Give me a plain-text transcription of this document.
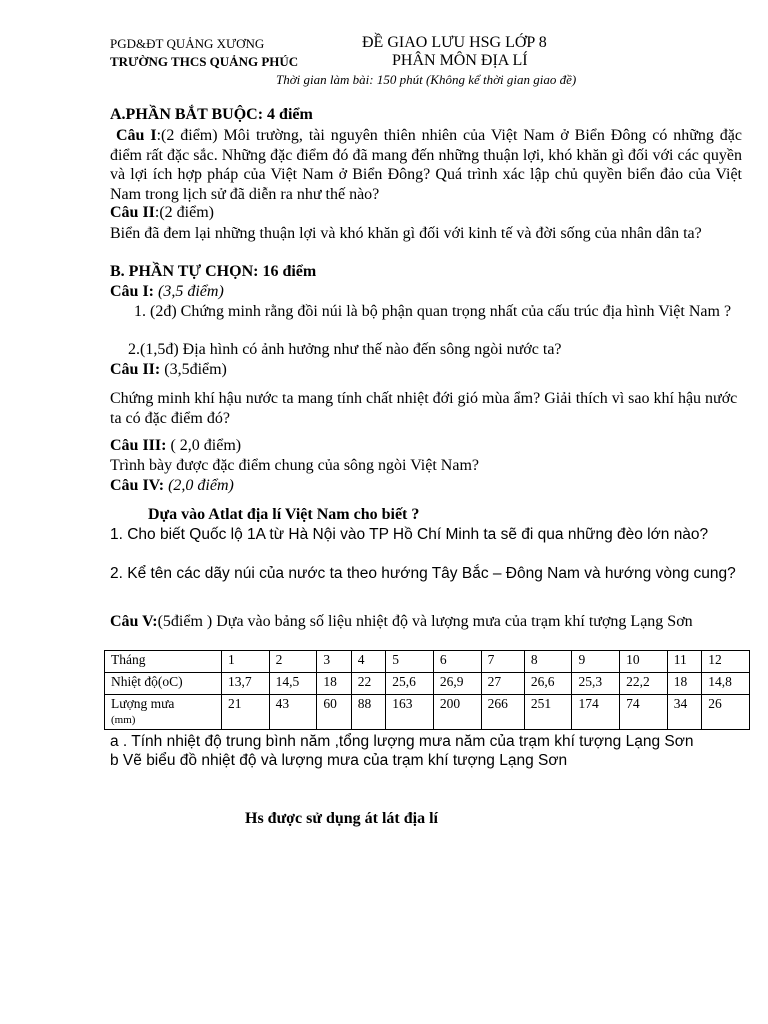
PGD&ĐT QUẢNG XƯƠNG
TRƯỜNG THCS QUẢNG PHÚC
ĐỀ GIAO LƯU HSG LỚP 8
PHÂN MÔN ĐỊA LÍ
Thời gian làm bài: 150 phút (Không kể thời gian giao đề)
A.PHẦN BẮT BUỘC: 4 điểm
Câu I:(2 điểm) Môi trường, tài nguyên thiên nhiên của Việt Nam ở Biển Đông có những đặc điểm rất đặc sắc. Những đặc điểm đó đã mang đến những thuận lợi, khó khăn gì đối với các quyền và lợi ích hợp pháp của Việt Nam ở Biển Đông? Quá trình xác lập chủ quyền biển đảo của Việt Nam trong lịch sử đã diễn ra như thế nào?
Câu II:(2 điểm)
Biển đã đem lại những thuận lợi và khó khăn gì đối với kinh tế và đời sống của nhân dân ta?
B. PHẦN TỰ CHỌN: 16 điểm
Câu I: (3,5 điểm)
1. (2đ) Chứng minh rằng đồi núi là bộ phận quan trọng nhất của cấu trúc địa hình Việt Nam ?
2.(1,5đ) Địa hình có ảnh hưởng như thế nào đến sông ngòi nước ta?
Câu II: (3,5điểm)
Chứng minh khí hậu nước ta mang tính chất nhiệt đới gió mùa ẩm? Giải thích vì sao khí hậu nước ta có đặc điểm đó?
Câu III: ( 2,0 điểm)
Trình bày được đặc điểm chung của sông ngòi Việt Nam?
Câu IV: (2,0 điểm)
Dựa vào Atlat địa lí Việt Nam cho biết ?
1. Cho biết Quốc lộ 1A từ Hà Nội vào TP Hồ Chí Minh ta sẽ đi qua những đèo lớn nào?
2. Kể tên các dãy núi của nước ta theo hướng Tây Bắc – Đông Nam và hướng vòng cung?
Câu V:(5điểm ) Dựa vào bảng số liệu nhiệt độ và lượng mưa của trạm khí tượng Lạng Sơn
Tháng	1	2	3	4	5	6	7	8	9	10	11	12
Nhiệt độ(oC)	13,7	14,5	18	22	25,6	26,9	27	26,6	25,3	22,2	18	14,8
Lượng mưa
(mm)	21	43	60	88	163	200	266	251	174	74	34	26
a . Tính nhiệt độ trung bình năm ,tổng lượng mưa năm của trạm khí tượng Lạng Sơn
b Vẽ biểu đồ nhiệt độ và lượng mưa của trạm khí tượng Lạng Sơn
Hs được sử dụng át lát địa lí
